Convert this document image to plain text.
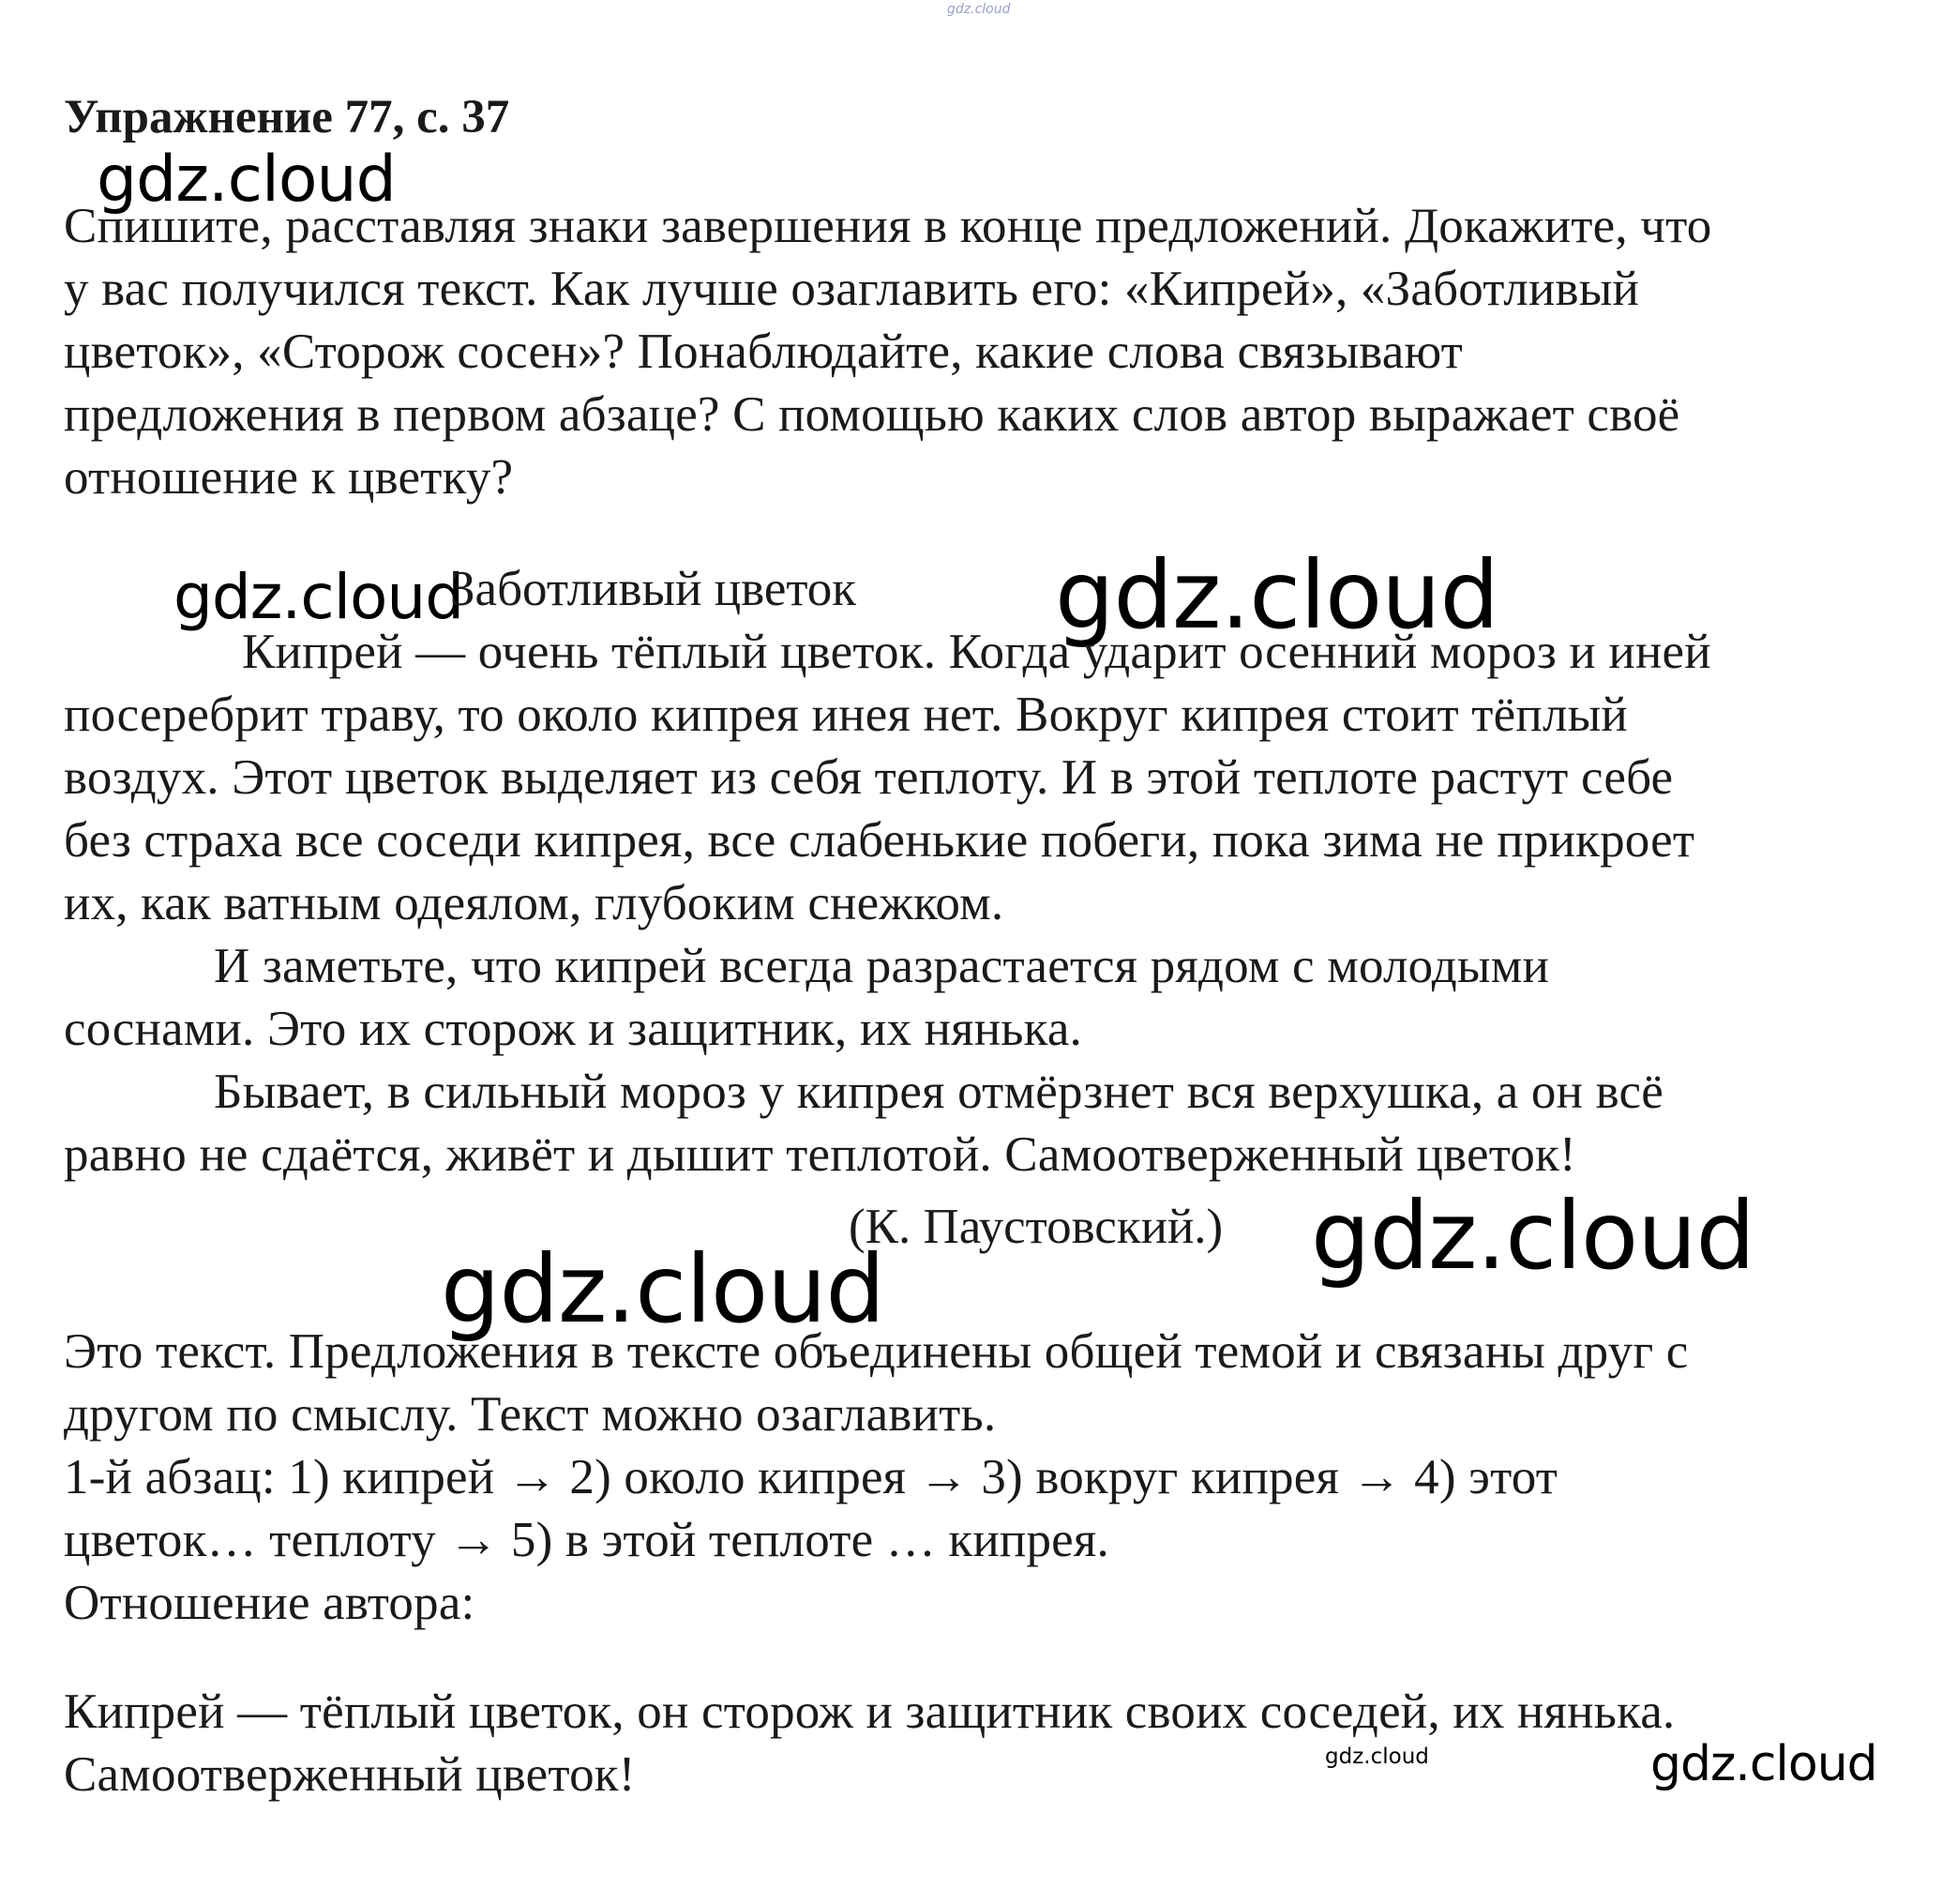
gdz.cloud
Упражнение 77, с. 37
gdz.cloud
Спишите, расставляя знаки завершения в конце предложений. Докажите, что
у вас получился текст. Как лучше озаглавить его: «Кипрей», «Заботливый
цветок», «Сторож сосен»? Понаблюдайте, какие слова связывают
предложения в первом абзаце? С помощью каких слов автор выражает своё
отношение к цветку?
gdz.cloud
Заботливый цветок gdz.cloud
Кипрей — очень тёплый цветок. Когда ударит осенний мороз и иней
посеребрит траву, то около кипрея инея нет. Вокруг кипрея стоит тёплый
воздух. Этот цветок выделяет из себя теплоту. И в этой теплоте растут себе
без страха все соседи кипрея, все слабенькие побеги, пока зима не прикроет
их, как ватным одеялом, глубоким снежком.
И заметьте, что кипрей всегда разрастается рядом с молодыми
соснами. Это их сторож и защитник, их нянька.
Бывает, в сильный мороз у кипрея отмёрзнет вся верхушка, а он всё
равно не сдаётся, живёт и дышит теплотой. Самоотверженный цветок!
(К. Паустовский.) gdz.cloud
gdz.cloud
Это текст. Предложения в тексте объединены общей темой и связаны друг с
другом по смыслу. Текст можно озаглавить.
1-й абзац: 1) кипрей → 2) около кипрея → 3) вокруг кипрея → 4) этот
цветок… теплоту → 5) в этой теплоте … кипрея.
Отношение автора:
Кипрей — тёплый цветок, он сторож и защитник своих соседей, их нянька.
Самоотверженный цветок!	gdz.cloud	gdz.cloud
